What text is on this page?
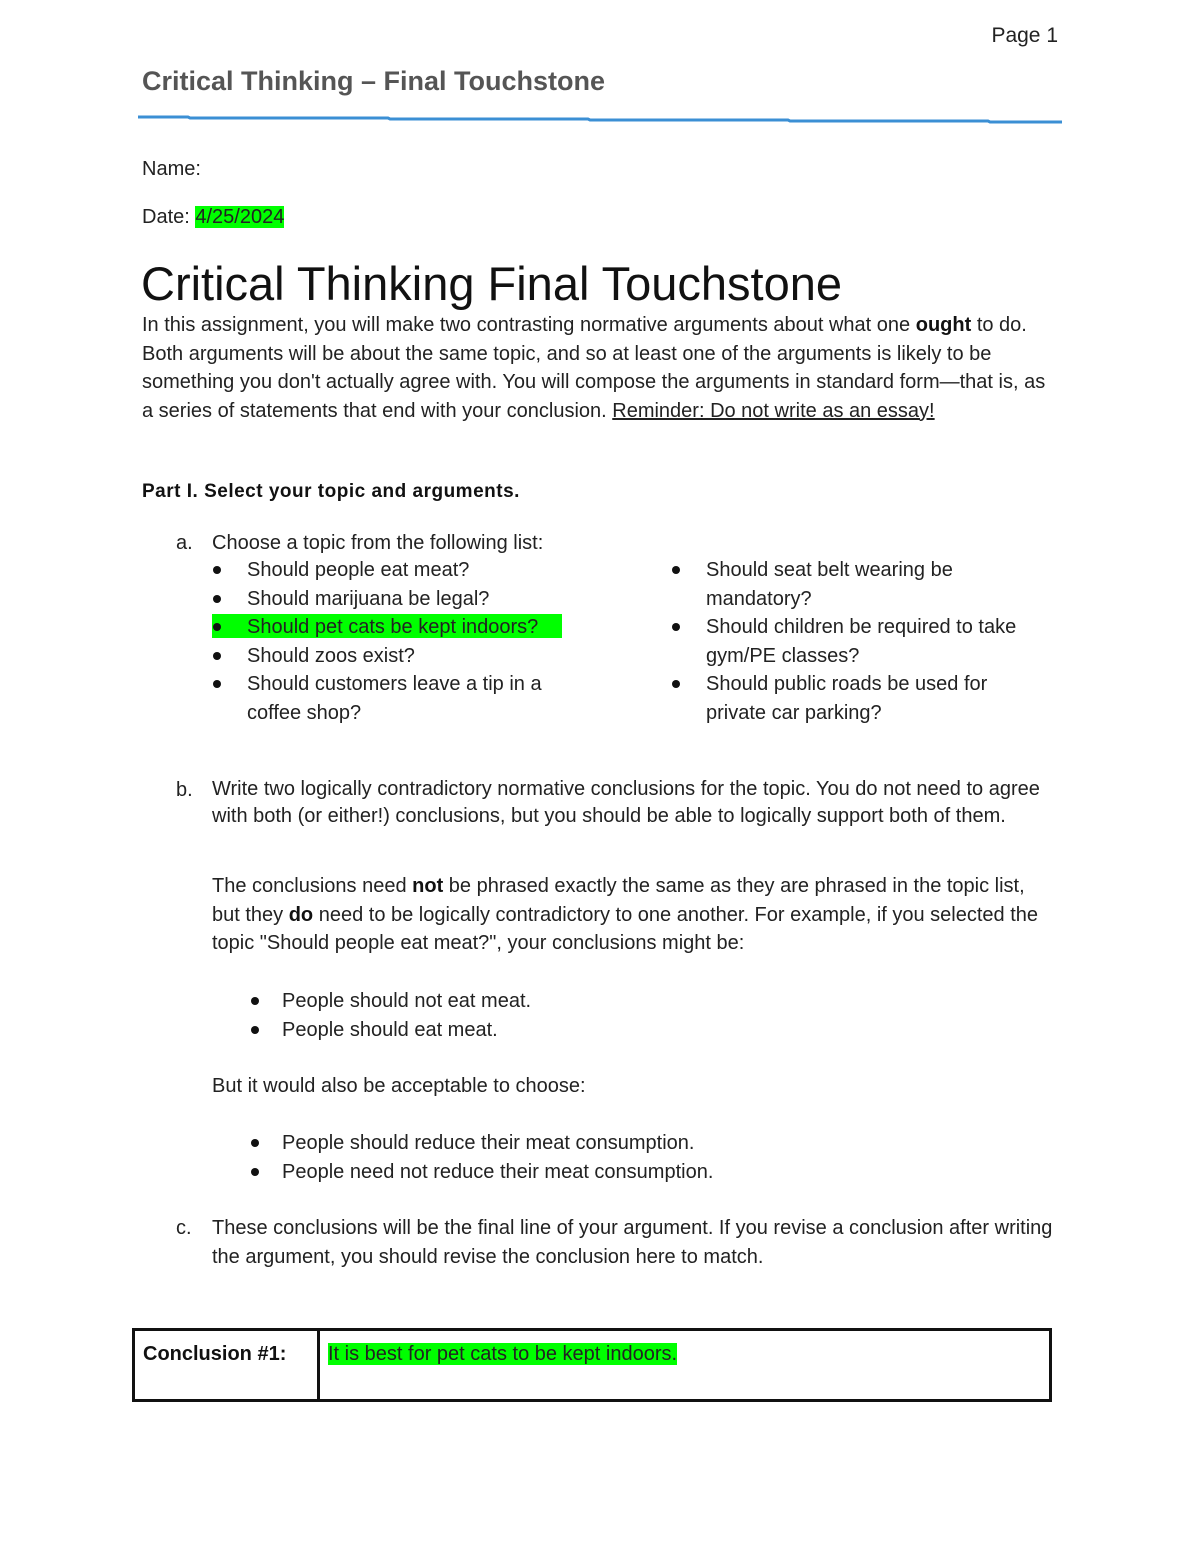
Page 1
Critical Thinking – Final Touchstone
Name:
Date: 4/25/2024
Critical Thinking Final Touchstone
In this assignment, you will make two contrasting normative arguments about what one ought to do. Both arguments will be about the same topic, and so at least one of the arguments is likely to be something you don't actually agree with. You will compose the arguments in standard form—that is, as a series of statements that end with your conclusion. Reminder: Do not write as an essay!
Part I. Select your topic and arguments.
a. Choose a topic from the following list:
Should people eat meat?
Should marijuana be legal?
Should pet cats be kept indoors?
Should zoos exist?
Should customers leave a tip in a coffee shop?
Should seat belt wearing be mandatory?
Should children be required to take gym/PE classes?
Should public roads be used for private car parking?
b. Write two logically contradictory normative conclusions for the topic. You do not need to agree with both (or either!) conclusions, but you should be able to logically support both of them.
The conclusions need not be phrased exactly the same as they are phrased in the topic list, but they do need to be logically contradictory to one another. For example, if you selected the topic "Should people eat meat?", your conclusions might be:
People should not eat meat.
People should eat meat.
But it would also be acceptable to choose:
People should reduce their meat consumption.
People need not reduce their meat consumption.
c. These conclusions will be the final line of your argument. If you revise a conclusion after writing the argument, you should revise the conclusion here to match.
Conclusion #1:	It is best for pet cats to be kept indoors.
